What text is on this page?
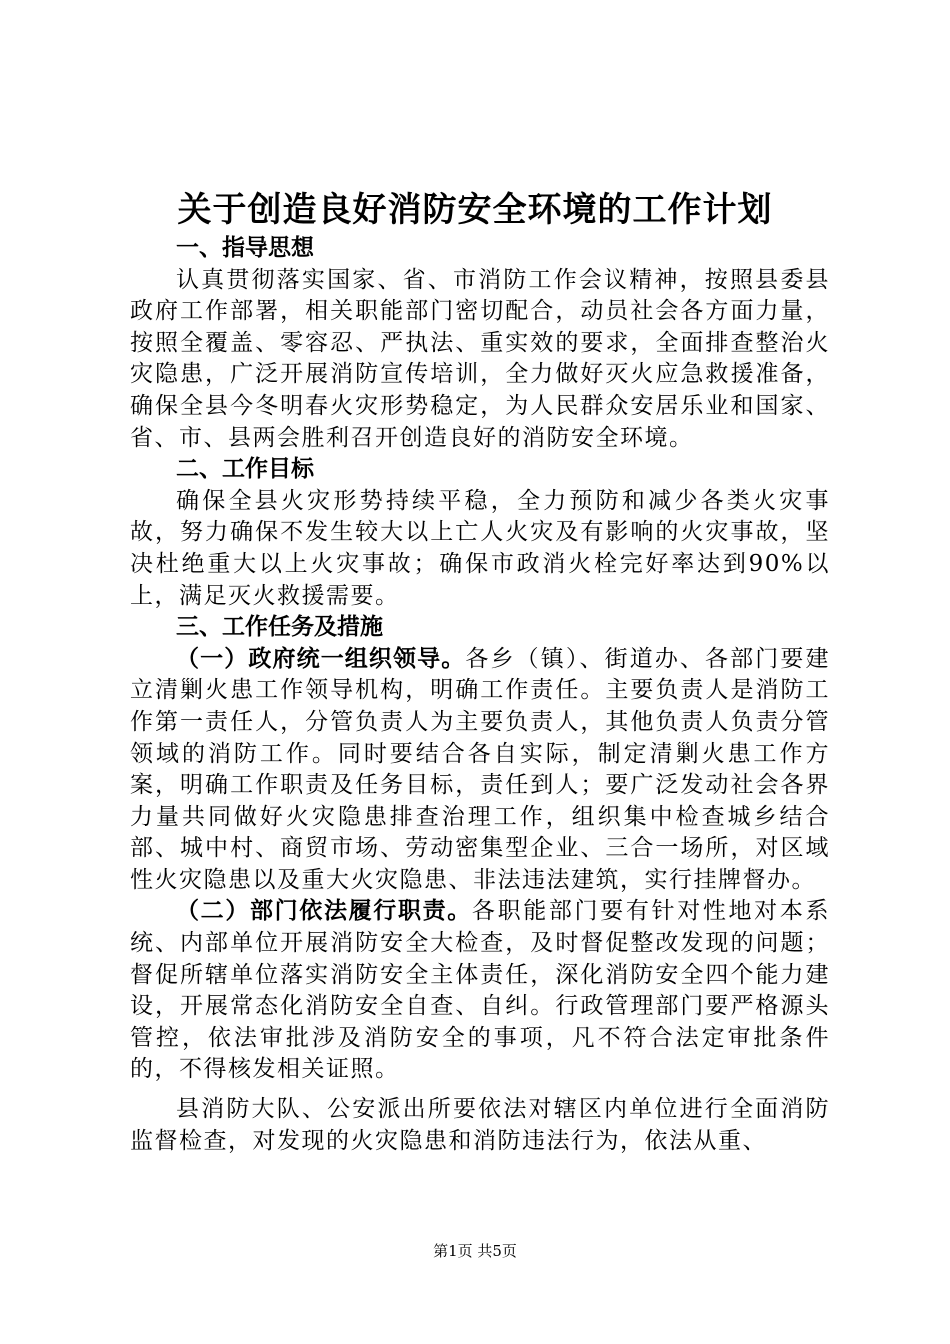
关于创造良好消防安全环境的工作计划
一、指导思想

认真贯彻落实国家、省、市消防工作会议精神，按照县委县政府工作部署，相关职能部门密切配合，动员社会各方面力量，按照全覆盖、零容忍、严执法、重实效的要求，全面排查整治火灾隐患，广泛开展消防宣传培训，全力做好灭火应急救援准备，确保全县今冬明春火灾形势稳定，为人民群众安居乐业和国家、省、市、县两会胜利召开创造良好的消防安全环境。

二、工作目标

确保全县火灾形势持续平稳，全力预防和减少各类火灾事故，努力确保不发生较大以上亡人火灾及有影响的火灾事故，坚决杜绝重大以上火灾事故；确保市政消火栓完好率达到90%以上，满足灭火救援需要。

三、工作任务及措施

（一）政府统一组织领导。各乡（镇）、街道办、各部门要建立清剿火患工作领导机构，明确工作责任。主要负责人是消防工作第一责任人，分管负责人为主要负责人，其他负责人负责分管领域的消防工作。同时要结合各自实际，制定清剿火患工作方案，明确工作职责及任务目标，责任到人；要广泛发动社会各界力量共同做好火灾隐患排查治理工作，组织集中检查城乡结合部、城中村、商贸市场、劳动密集型企业、三合一场所，对区域性火灾隐患以及重大火灾隐患、非法违法建筑，实行挂牌督办。

（二）部门依法履行职责。各职能部门要有针对性地对本系统、内部单位开展消防安全大检查，及时督促整改发现的问题；督促所辖单位落实消防安全主体责任，深化消防安全四个能力建设，开展常态化消防安全自查、自纠。行政管理部门要严格源头管控，依法审批涉及消防安全的事项，凡不符合法定审批条件的，不得核发相关证照。

县消防大队、公安派出所要依法对辖区内单位进行全面消防监督检查，对发现的火灾隐患和消防违法行为，依法从重、

第1页 共5页
